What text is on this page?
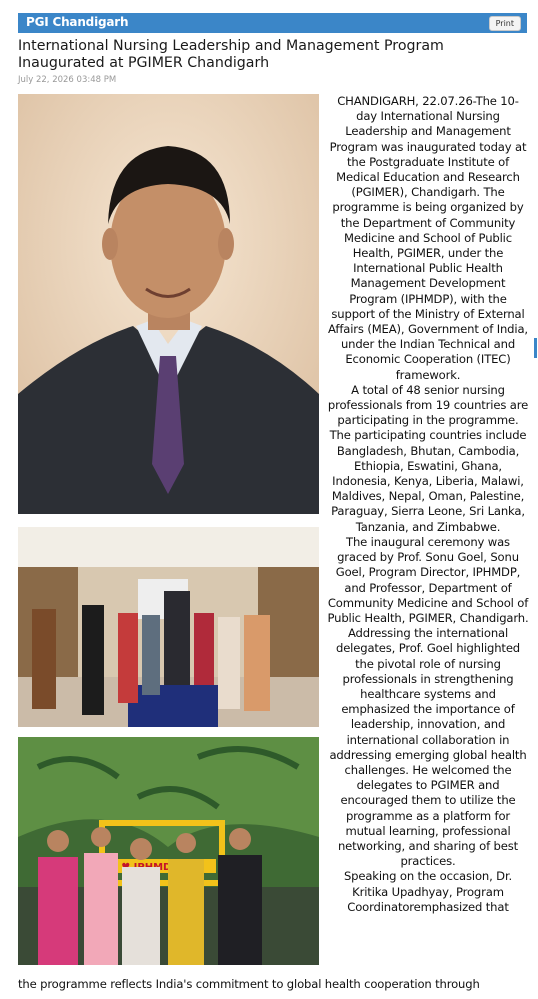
PGI Chandigarh	Print
International Nursing Leadership and Management Program Inaugurated at PGIMER Chandigarh
July 22, 2026 03:48 PM

CHANDIGARH, 22.07.26-The 10-day International Nursing Leadership and Management Program was inaugurated today at the Postgraduate Institute of Medical Education and Research (PGIMER), Chandigarh. The programme is being organized by the Department of Community Medicine and School of Public Health, PGIMER, under the International Public Health Management Development Program (IPHMDP), with the support of the Ministry of External Affairs (MEA), Government of India, under the Indian Technical and Economic Cooperation (ITEC) framework.

A total of 48 senior nursing professionals from 19 countries are participating in the programme. The participating countries include Bangladesh, Bhutan, Cambodia, Ethiopia, Eswatini, Ghana, Indonesia, Kenya, Liberia, Malawi, Maldives, Nepal, Oman, Palestine, Paraguay, Sierra Leone, Sri Lanka, Tanzania, and Zimbabwe.

The inaugural ceremony was graced by Prof. Sonu Goel, Sonu Goel, Program Director, IPHMDP, and Professor, Department of Community Medicine and School of Public Health, PGIMER, Chandigarh. Addressing the international delegates, Prof. Goel highlighted the pivotal role of nursing professionals in strengthening healthcare systems and emphasized the importance of leadership, innovation, and international collaboration in addressing emerging global health challenges. He welcomed the delegates to PGIMER and encouraged them to utilize the programme as a platform for mutual learning, professional networking, and sharing of best practices.

Speaking on the occasion, Dr. Kritika Upadhyay, Program Coordinatoremphasized that

the programme reflects India's commitment to global health cooperation through
